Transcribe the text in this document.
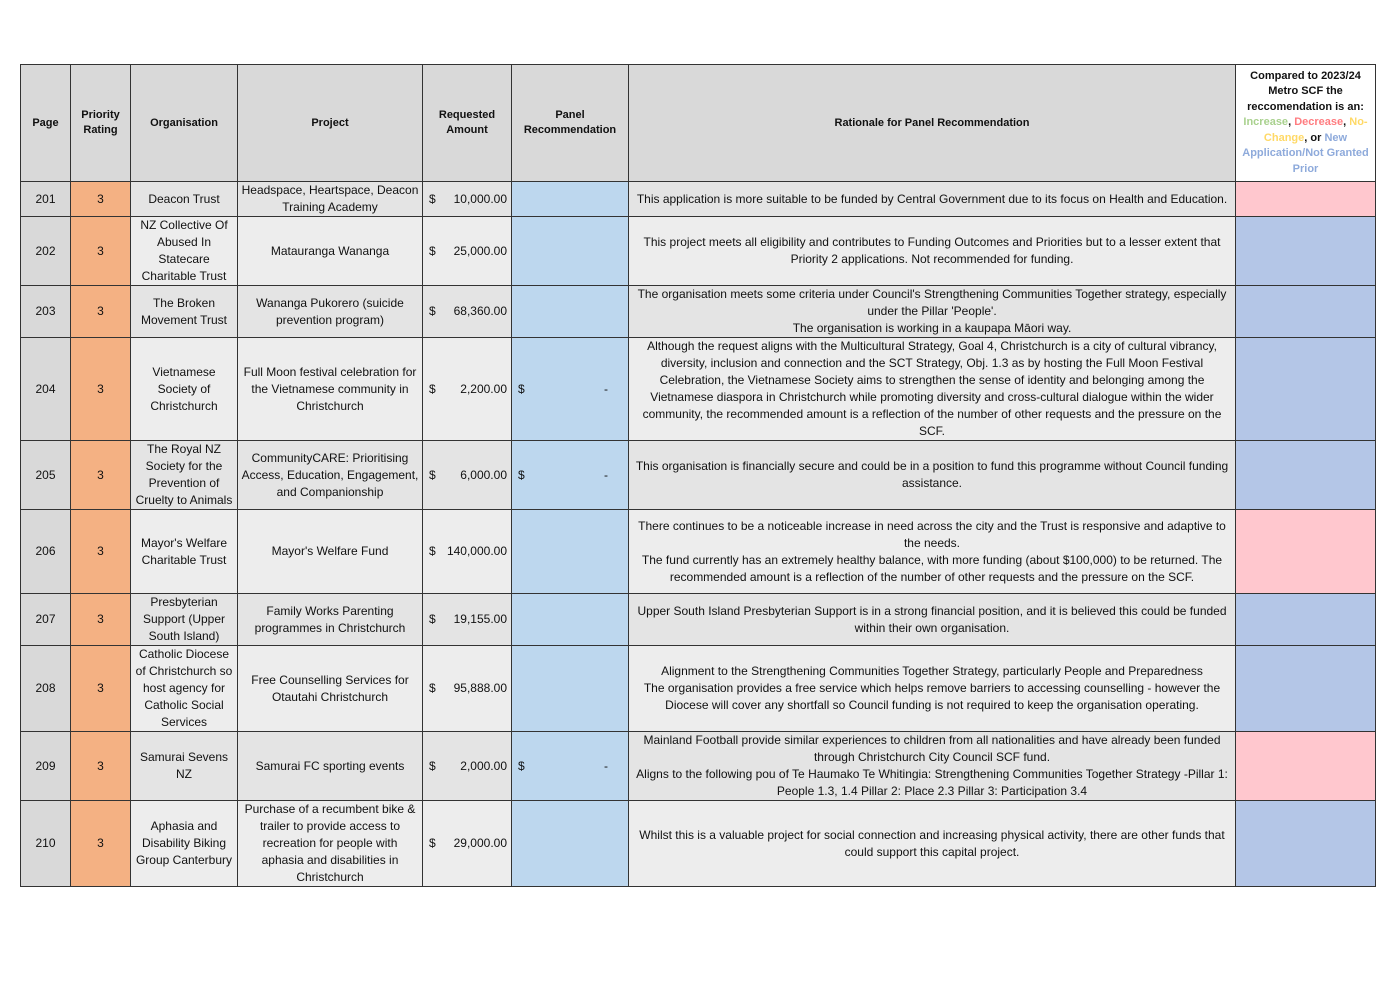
Page	Priority Rating	Organisation	Project	Requested Amount	Panel Recommendation	Rationale for Panel Recommendation	Compared to 2023/24 Metro SCF the reccomendation is an:
Increase, Decrease, No-Change, or New Application/Not Granted Prior
201	3	Deacon Trust	Headspace, Heartspace, Deacon Training Academy	$ 10,000.00		This application is more suitable to be funded by Central Government due to its focus on Health and Education.	

202	3	NZ Collective Of Abused In Statecare Charitable Trust	Matauranga Wananga	$ 25,000.00		This project meets all eligibility and contributes to Funding Outcomes and Priorities but to a lesser extent that Priority 2 applications. Not recommended for funding.	

203	3	The Broken Movement Trust	Wananga Pukorero (suicide prevention program)	$ 68,360.00		The organisation meets some criteria under Council's Strengthening Communities Together strategy, especially under the Pillar 'People'.
The organisation is working in a kaupapa Māori way.	

204	3	Vietnamese Society of Christchurch	Full Moon festival celebration for the Vietnamese community in Christchurch	$ 2,200.00	$ -	Although the request aligns with the Multicultural Strategy, Goal 4, Christchurch is a city of cultural vibrancy, diversity, inclusion and connection and the SCT Strategy, Obj. 1.3 as by hosting the Full Moon Festival Celebration, the Vietnamese Society aims to strengthen the sense of identity and belonging among the Vietnamese diaspora in Christchurch while promoting diversity and cross-cultural dialogue within the wider community, the recommended amount is a reflection of the number of other requests and the pressure on the SCF.	

205	3	The Royal NZ Society for the Prevention of Cruelty to Animals	CommunityCARE: Prioritising Access, Education, Engagement, and Companionship	$ 6,000.00	$ -	This organisation is financially secure and could be in a position to fund this programme without Council funding assistance.	

206	3	Mayor's Welfare Charitable Trust	Mayor's Welfare Fund	$ 140,000.00		There continues to be a noticeable increase in need across the city and the Trust is responsive and adaptive to the needs.
The fund currently has an extremely healthy balance, with more funding (about $100,000) to be returned. The recommended amount is a reflection of the number of other requests and the pressure on the SCF.	

207	3	Presbyterian Support (Upper South Island)	Family Works Parenting programmes in Christchurch	$ 19,155.00		Upper South Island Presbyterian Support is in a strong financial position, and it is believed this could be funded within their own organisation.	

208	3	Catholic Diocese of Christchurch so host agency for Catholic Social Services	Free Counselling Services for Otautahi Christchurch	$ 95,888.00		Alignment to the Strengthening Communities Together Strategy, particularly People and Preparedness
The organisation provides a free service which helps remove barriers to accessing counselling - however the Diocese will cover any shortfall so Council funding is not required to keep the organisation operating.	

209	3	Samurai Sevens NZ	Samurai FC sporting events	$ 2,000.00	$ -	Mainland Football provide similar experiences to children from all nationalities and have already been funded through Christchurch City Council SCF fund.
Aligns to the following pou of Te Haumako Te Whitingia: Strengthening Communities Together Strategy -Pillar 1: People 1.3, 1.4 Pillar 2: Place 2.3 Pillar 3: Participation 3.4	

210	3	Aphasia and Disability Biking Group Canterbury	Purchase of a recumbent bike & trailer to provide access to recreation for people with aphasia and disabilities in Christchurch	$ 29,000.00		Whilst this is a valuable project for social connection and increasing physical activity, there are other funds that could support this capital project.	
